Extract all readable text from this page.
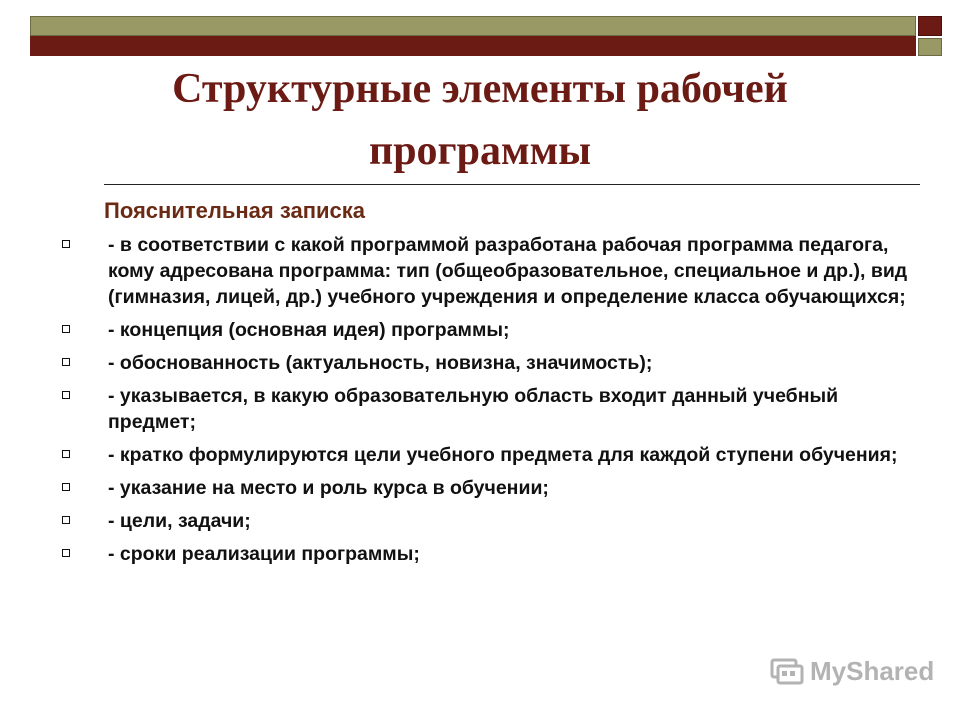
Структурные элементы рабочей
программы
Пояснительная записка
- в соответствии с какой программой разработана рабочая программа педагога, кому адресована программа: тип (общеобразовательное, специальное и др.), вид (гимназия, лицей, др.) учебного учреждения и определение класса обучающихся;
- концепция (основная идея) программы;
- обоснованность (актуальность, новизна, значимость);
- указывается, в какую образовательную область входит данный учебный предмет;
- кратко формулируются цели учебного предмета для каждой ступени обучения;
- указание на место и роль курса в обучении;
- цели, задачи;
- сроки реализации программы;
MyShared
